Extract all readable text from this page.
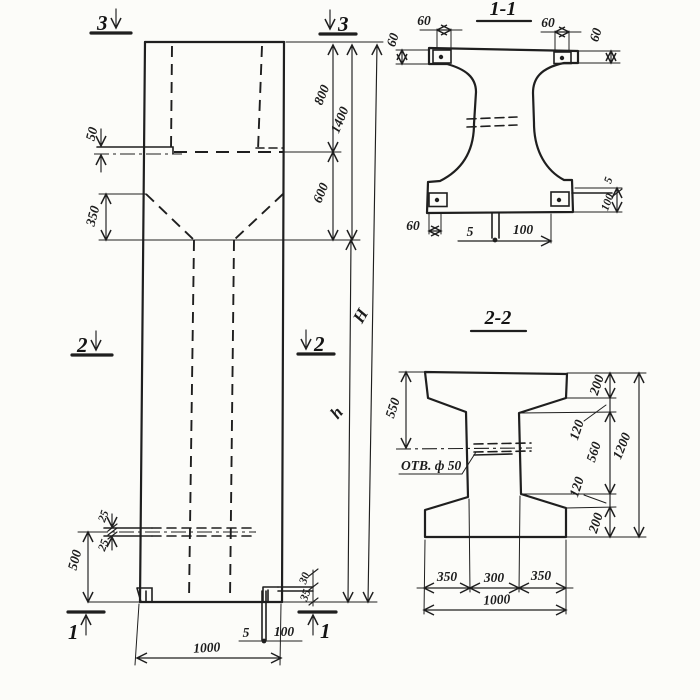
50
350
800
600
1400
h
H
25
25
500
30
35
5 100
1000
3	3
2	2
1	1
1-1
60	60
60	60
60	5	100
5
100
2-2
ОТВ. ф 50
550
200
120
560
120
200
1200
350 300 350
1000
